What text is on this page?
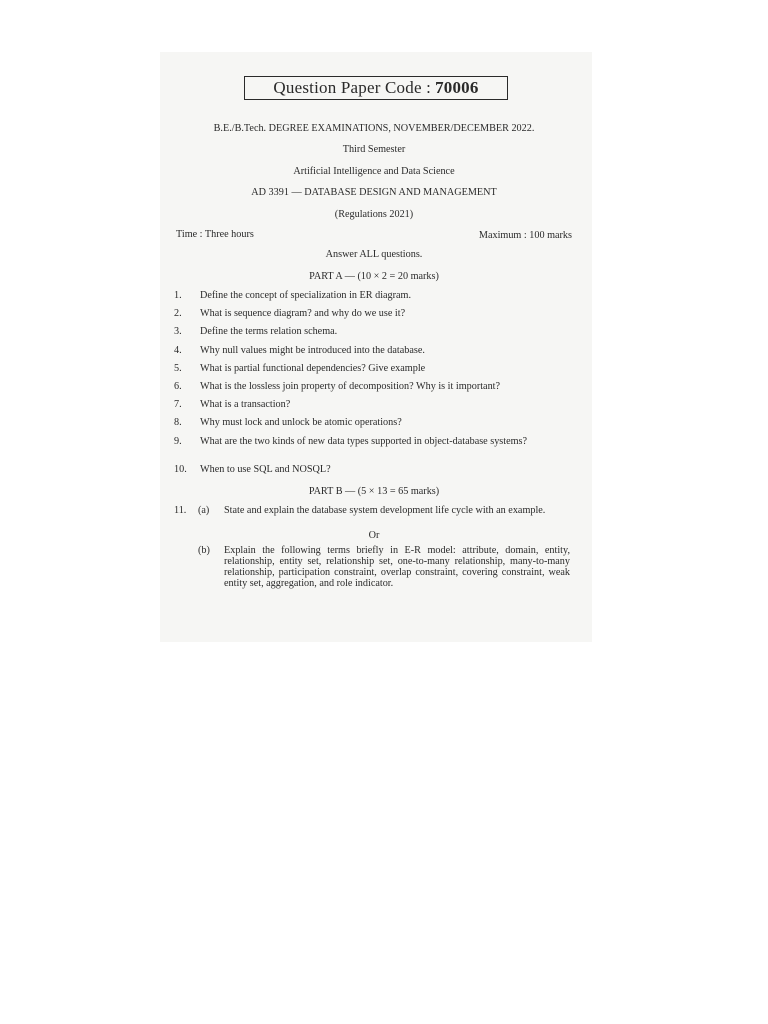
Question Paper Code : 70006
B.E./B.Tech. DEGREE EXAMINATIONS, NOVEMBER/DECEMBER 2022.
Third Semester
Artificial Intelligence and Data Science
AD 3391 — DATABASE DESIGN AND MANAGEMENT
(Regulations 2021)
Time : Three hours	Maximum : 100 marks
Answer ALL questions.
PART A — (10 × 2 = 20 marks)
1. Define the concept of specialization in ER diagram.
2. What is sequence diagram? and why do we use it?
3. Define the terms relation schema.
4. Why null values might be introduced into the database.
5. What is partial functional dependencies? Give example
6. What is the lossless join property of decomposition? Why is it important?
7. What is a transaction?
8. Why must lock and unlock be atomic operations?
9. What are the two kinds of new data types supported in object-database systems?
10. When to use SQL and NOSQL?
PART B — (5 × 13 = 65 marks)
11. (a) State and explain the database system development life cycle with an example.
Or
(b) Explain the following terms briefly in E-R model: attribute, domain, entity, relationship, entity set, relationship set, one-to-many relationship, many-to-many relationship, participation constraint, overlap constraint, covering constraint, weak entity set, aggregation, and role indicator.
